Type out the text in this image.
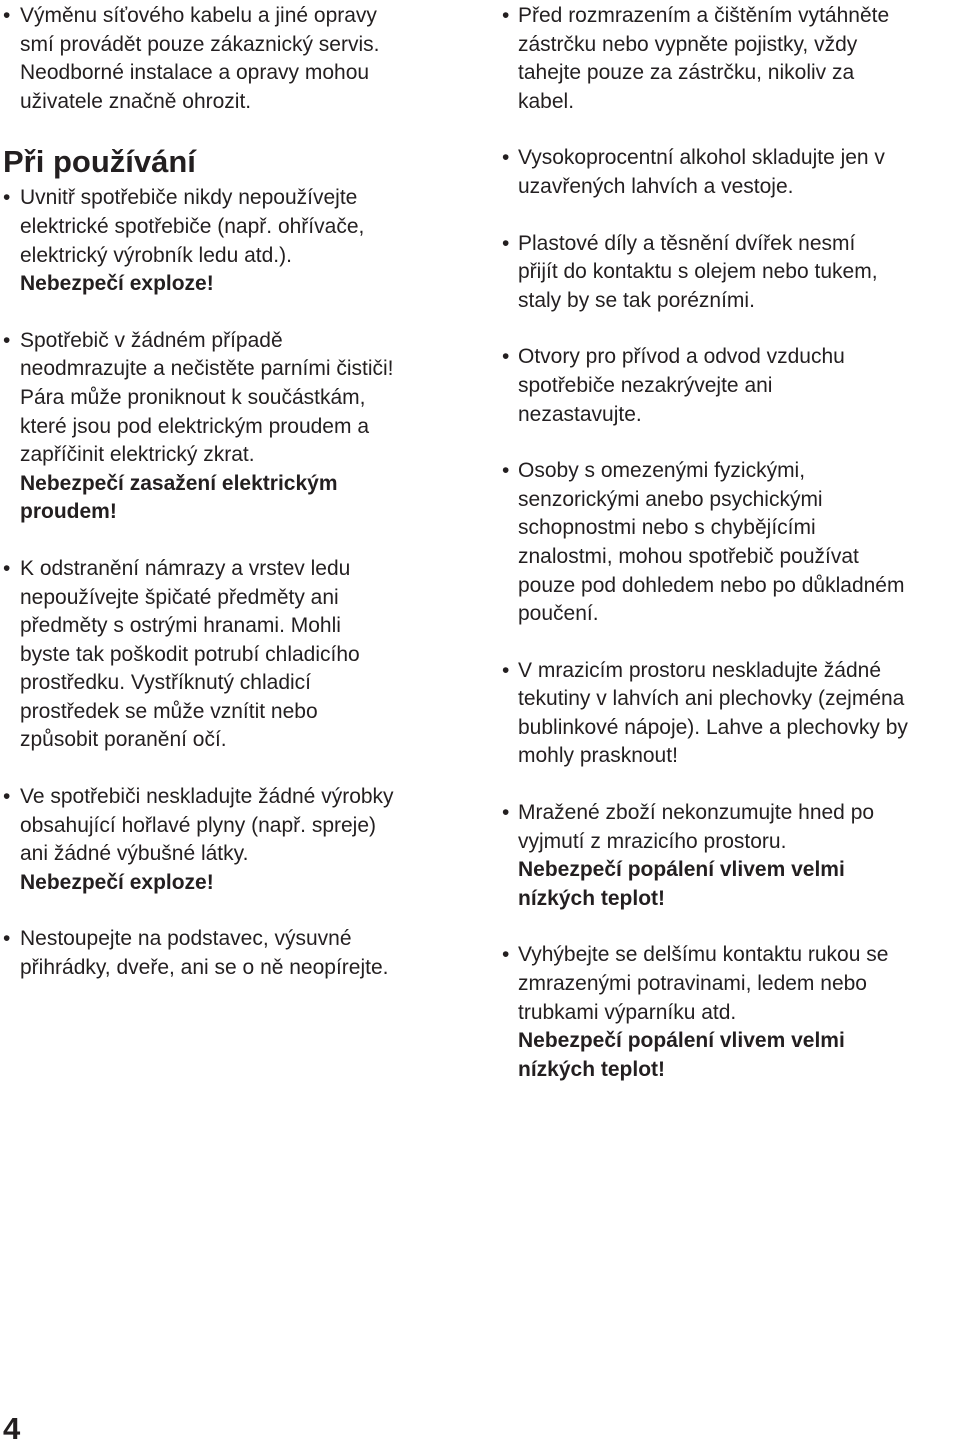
• Výměnu síťového kabelu a jiné opravy
smí provádět pouze zákaznický servis.
Neodborné instalace a opravy mohou
uživatele značně ohrozit.
Při používání
• Uvnitř spotřebiče nikdy nepoužívejte
elektrické spotřebiče (např. ohřívače,
elektrický výrobník ledu atd.).
Nebezpečí exploze!
• Spotřebič v žádném případě
neodmrazujte a nečistěte parními čističi!
Pára může proniknout k součástkám,
které jsou pod elektrickým proudem a
zapříčinit elektrický zkrat.
Nebezpečí zasažení elektrickým
proudem!
• K odstranění námrazy a vrstev ledu
nepoužívejte špičaté předměty ani
předměty s ostrými hranami. Mohli
byste tak poškodit potrubí chladicího
prostředku. Vystříknutý chladicí
prostředek se může vznítit nebo
způsobit poranění očí.
• Ve spotřebiči neskladujte žádné výrobky
obsahující hořlavé plyny (např. spreje)
ani žádné výbušné látky.
Nebezpečí exploze!
• Nestoupejte na podstavec, výsuvné
přihrádky, dveře, ani se o ně neopírejte.
• Před rozmrazením a čištěním vytáhněte
zástrčku nebo vypněte pojistky, vždy
tahejte pouze za zástrčku, nikoliv za
kabel.
• Vysokoprocentní alkohol skladujte jen v
uzavřených lahvích a vestoje.
• Plastové díly a těsnění dvířek nesmí
přijít do kontaktu s olejem nebo tukem,
staly by se tak porézními.
• Otvory pro přívod a odvod vzduchu
spotřebiče nezakrývejte ani
nezastavujte.
• Osoby s omezenými fyzickými,
senzorickými anebo psychickými
schopnostmi nebo s chybějícími
znalostmi, mohou spotřebič používat
pouze pod dohledem nebo po důkladném
poučení.
• V mrazicím prostoru neskladujte žádné
tekutiny v lahvích ani plechovky (zejména
bublinkové nápoje). Lahve a plechovky by
mohly prasknout!
• Mražené zboží nekonzumujte hned po
vyjmutí z mrazicího prostoru.
Nebezpečí popálení vlivem velmi
nízkých teplot!
• Vyhýbejte se delšímu kontaktu rukou se
zmrazenými potravinami, ledem nebo
trubkami výparníku atd.
Nebezpečí popálení vlivem velmi
nízkých teplot!
4
